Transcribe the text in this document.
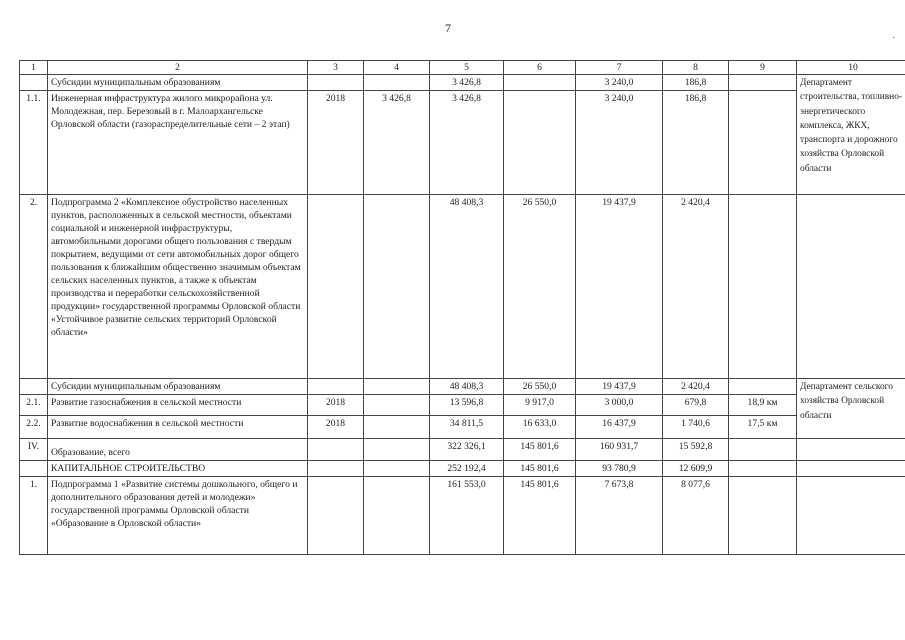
7
·
1	2	3	4	5	6	7	8	9	10
	Субсидии муниципальным образованиям			3 426,8		3 240,0	186,8		Департамент строительства, топливно-энергетического комплекса, ЖКХ, транспорта и дорожного хозяйства Орловской области
1.1.	Инженерная инфраструктура жилого микрорайона ул. Молодежная, пер. Березовый в г. Малоархангельске Орловской области (газораспределительные сети – 2 этап)	2018	3 426,8	3 426,8		3 240,0	186,8		
2.	Подпрограмма 2 «Комплексное обустройство населенных пунктов, расположенных в сельской местности, объектами социальной и инженерной инфраструктуры, автомобильными дорогами общего пользования с твердым покрытием, ведущими от сети автомобильных дорог общего пользования к ближайшим общественно значимым объектам сельских населенных пунктов, а также к объектам производства и переработки сельскохозяйственной продукции» государственной программы Орловской области «Устойчивое развитие сельских территорий Орловской области»			48 408,3	26 550,0	19 437,9	2 420,4		
	Субсидии муниципальным образованиям			48 408,3	26 550,0	19 437,9	2 420,4		Департамент сельского хозяйства Орловской области
2.1.	Развитие газоснабжения в сельской местности	2018		13 596,8	9 917,0	3 000,0	679,8	18,9 км	
2.2.	Развитие водоснабжения в сельской местности	2018		34 811,5	16 633,0	16 437,9	1 740,6	17,5 км	
IV.	Образование, всего			322 326,1	145 801,6	160 931,7	15 592,8		
	КАПИТАЛЬНОЕ СТРОИТЕЛЬСТВО			252 192,4	145 801,6	93 780,9	12 609,9		
1.	Подпрограмма 1 «Развитие системы дошкольного, общего и дополнительного образования детей и молодежи» государственной программы Орловской области «Образование в Орловской области»			161 553,0	145 801,6	7 673,8	8 077,6		
